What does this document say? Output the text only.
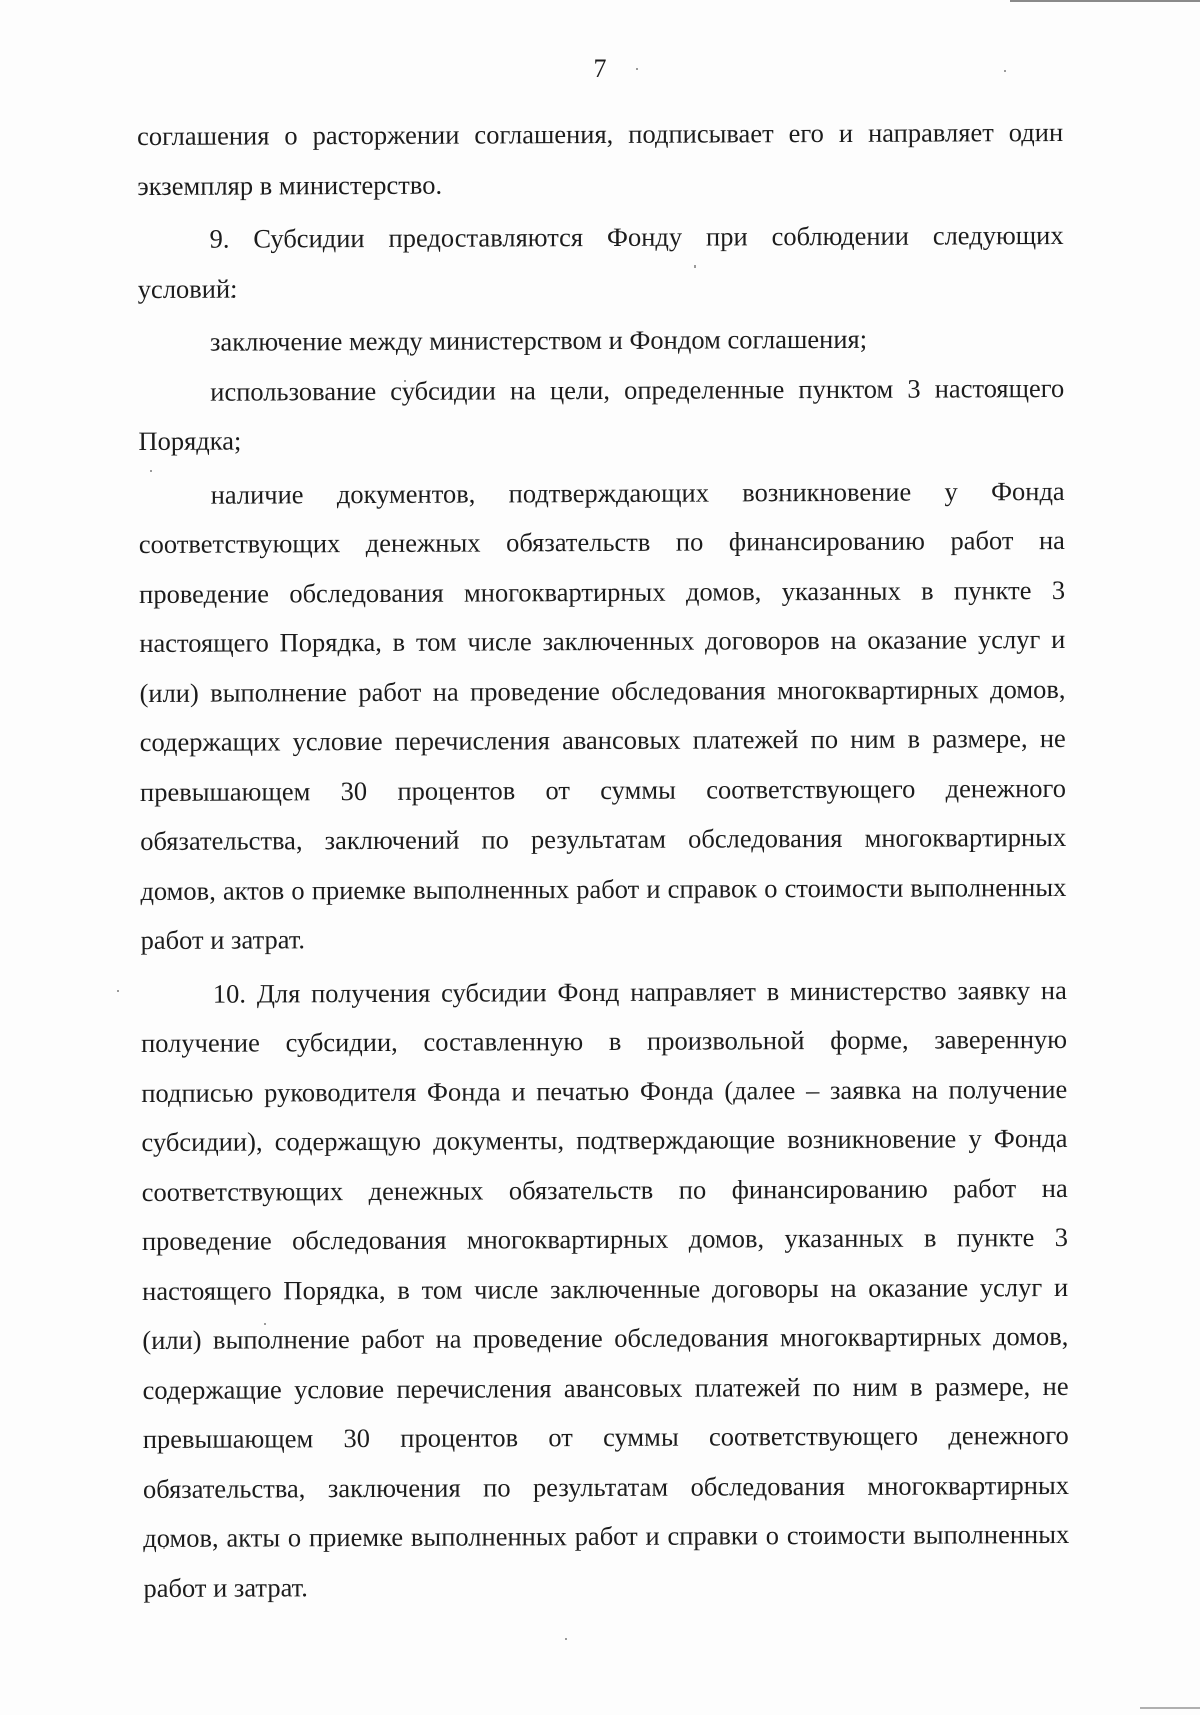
7

соглашения о расторжении соглашения, подписывает его и направляет один экземпляр в министерство.

9. Субсидии предоставляются Фонду при соблюдении следующих условий:

заключение между министерством и Фондом соглашения;

использование субсидии на цели, определенные пунктом 3 настоящего Порядка;

наличие документов, подтверждающих возникновение у Фонда соответствующих денежных обязательств по финансированию работ на проведение обследования многоквартирных домов, указанных в пункте 3 настоящего Порядка, в том числе заключенных договоров на оказание услуг и (или) выполнение работ на проведение обследования многоквартирных домов, содержащих условие перечисления авансовых платежей по ним в размере, не превышающем 30 процентов от суммы соответствующего денежного обязательства, заключений по результатам обследования многоквартирных домов, актов о приемке выполненных работ и справок о стоимости выполненных работ и затрат.

10. Для получения субсидии Фонд направляет в министерство заявку на получение субсидии, составленную в произвольной форме, заверенную подписью руководителя Фонда и печатью Фонда (далее – заявка на получение субсидии), содержащую документы, подтверждающие возникновение у Фонда соответствующих денежных обязательств по финансированию работ на проведение обследования многоквартирных домов, указанных в пункте 3 настоящего Порядка, в том числе заключенные договоры на оказание услуг и (или) выполнение работ на проведение обследования многоквартирных домов, содержащие условие перечисления авансовых платежей по ним в размере, не превышающем 30 процентов от суммы соответствующего денежного обязательства, заключения по результатам обследования многоквартирных домов, акты о приемке выполненных работ и справки о стоимости выполненных работ и затрат.
